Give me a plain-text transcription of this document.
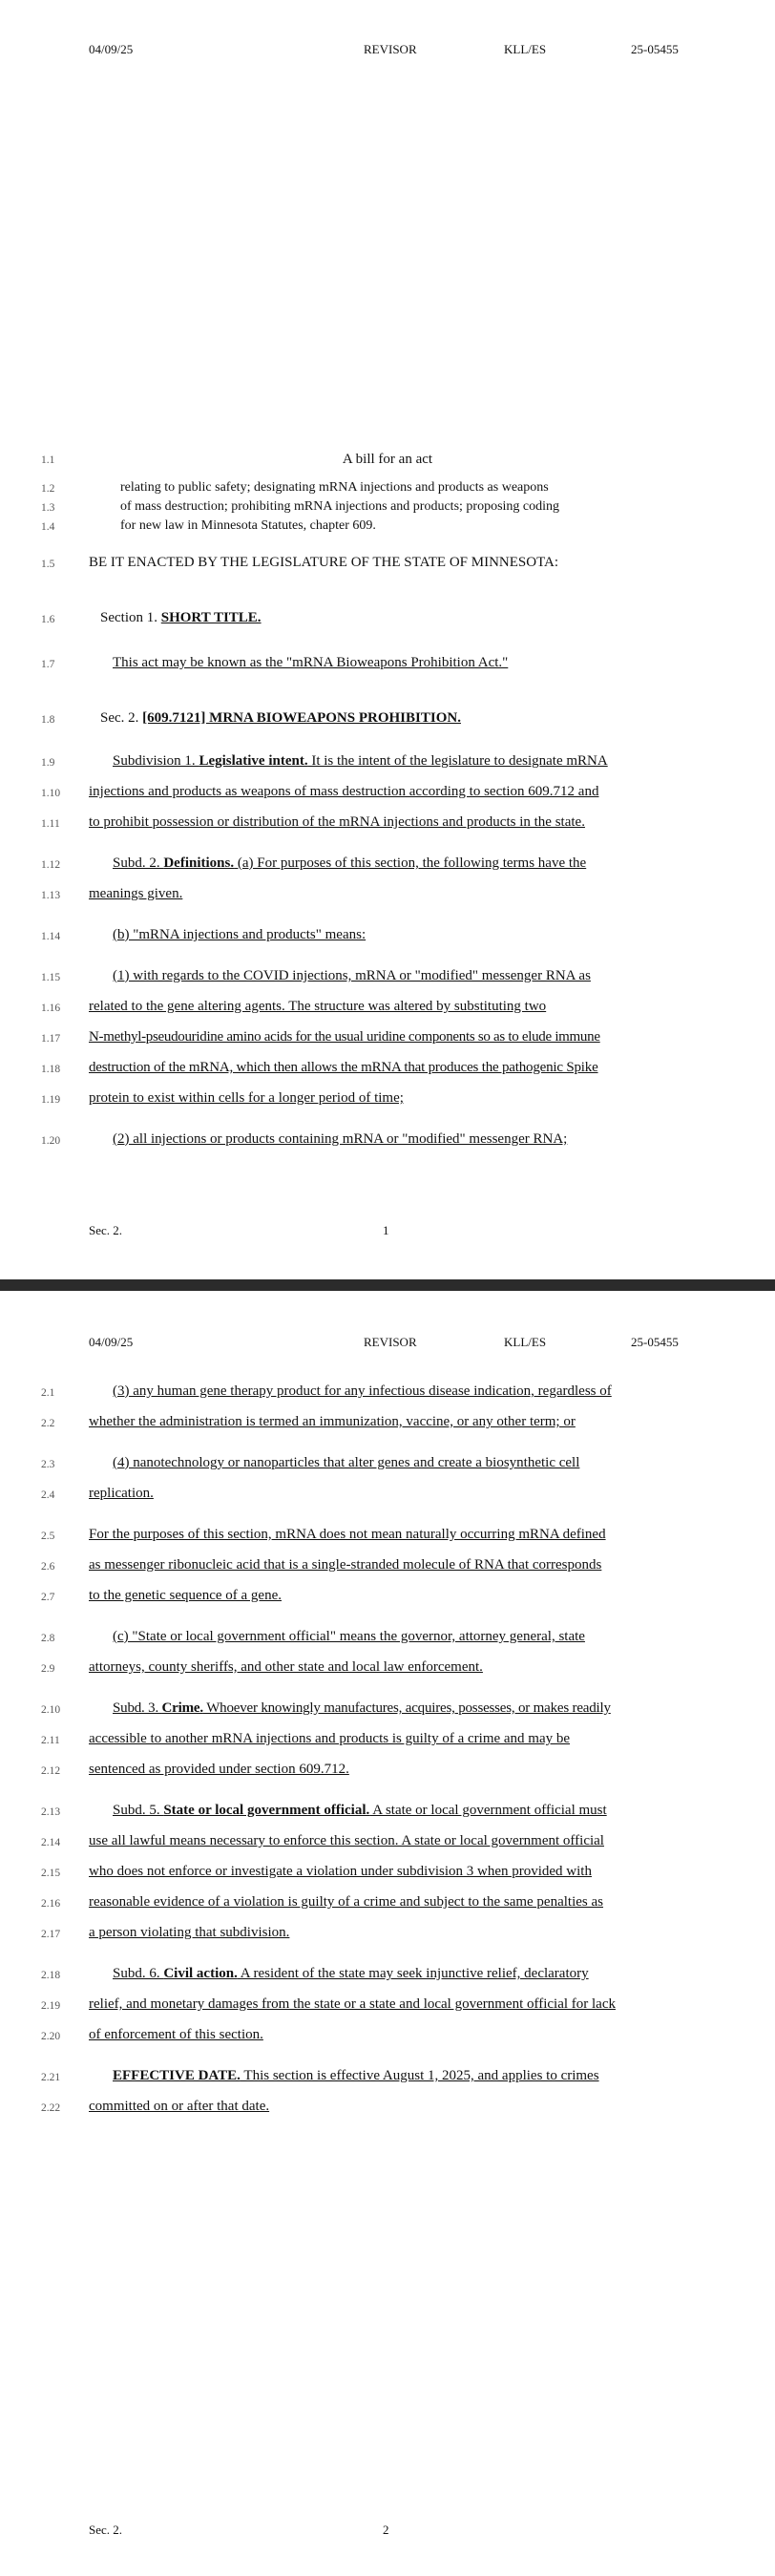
04/09/25	REVISOR	KLL/ES	25-05455
1.1	A bill for an act
1.2	relating to public safety; designating mRNA injections and products as weapons
1.3	of mass destruction; prohibiting mRNA injections and products; proposing coding
1.4	for new law in Minnesota Statutes, chapter 609.
1.5 BE IT ENACTED BY THE LEGISLATURE OF THE STATE OF MINNESOTA:
1.6	Section 1. SHORT TITLE.
1.7	This act may be known as the "mRNA Bioweapons Prohibition Act."
1.8	Sec. 2. [609.7121] MRNA BIOWEAPONS PROHIBITION.
1.9	Subdivision 1. Legislative intent. It is the intent of the legislature to designate mRNA
1.10 injections and products as weapons of mass destruction according to section 609.712 and
1.11 to prohibit possession or distribution of the mRNA injections and products in the state.
1.12	Subd. 2. Definitions. (a) For purposes of this section, the following terms have the
1.13 meanings given.
1.14	(b) "mRNA injections and products" means:
1.15	(1) with regards to the COVID injections, mRNA or "modified" messenger RNA as
1.16 related to the gene altering agents. The structure was altered by substituting two
1.17 N-methyl-pseudouridine amino acids for the usual uridine components so as to elude immune
1.18 destruction of the mRNA, which then allows the mRNA that produces the pathogenic Spike
1.19 protein to exist within cells for a longer period of time;
1.20	(2) all injections or products containing mRNA or "modified" messenger RNA;
Sec. 2.	1
04/09/25	REVISOR	KLL/ES	25-05455
2.1	(3) any human gene therapy product for any infectious disease indication, regardless of
2.2 whether the administration is termed an immunization, vaccine, or any other term; or
2.3	(4) nanotechnology or nanoparticles that alter genes and create a biosynthetic cell
2.4 replication.
2.5 For the purposes of this section, mRNA does not mean naturally occurring mRNA defined
2.6 as messenger ribonucleic acid that is a single-stranded molecule of RNA that corresponds
2.7 to the genetic sequence of a gene.
2.8	(c) "State or local government official" means the governor, attorney general, state
2.9 attorneys, county sheriffs, and other state and local law enforcement.
2.10	Subd. 3. Crime. Whoever knowingly manufactures, acquires, possesses, or makes readily
2.11 accessible to another mRNA injections and products is guilty of a crime and may be
2.12 sentenced as provided under section 609.712.
2.13	Subd. 5. State or local government official. A state or local government official must
2.14 use all lawful means necessary to enforce this section. A state or local government official
2.15 who does not enforce or investigate a violation under subdivision 3 when provided with
2.16 reasonable evidence of a violation is guilty of a crime and subject to the same penalties as
2.17 a person violating that subdivision.
2.18	Subd. 6. Civil action. A resident of the state may seek injunctive relief, declaratory
2.19 relief, and monetary damages from the state or a state and local government official for lack
2.20 of enforcement of this section.
2.21	EFFECTIVE DATE. This section is effective August 1, 2025, and applies to crimes
2.22 committed on or after that date.
Sec. 2.	2
